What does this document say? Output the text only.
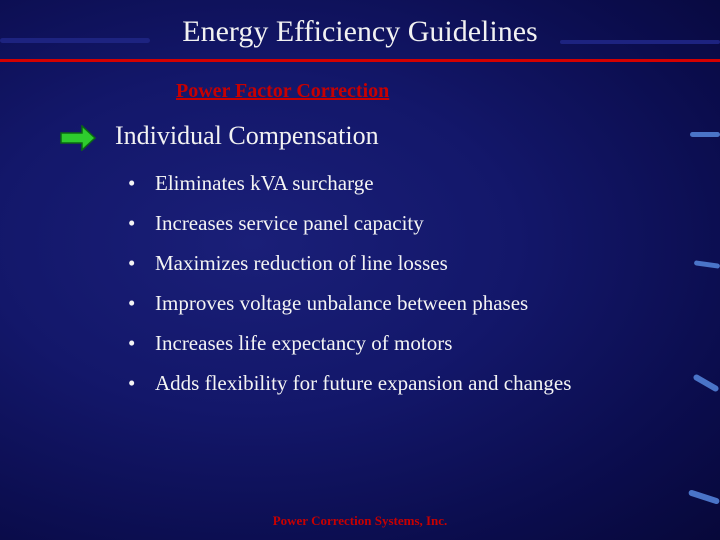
Energy Efficiency Guidelines
Power Factor Correction
Individual Compensation
• Eliminates kVA surcharge
• Increases service panel capacity
• Maximizes reduction of line losses
• Improves voltage unbalance between phases
• Increases life expectancy of motors
• Adds flexibility for future expansion and changes
Power Correction Systems, Inc.
